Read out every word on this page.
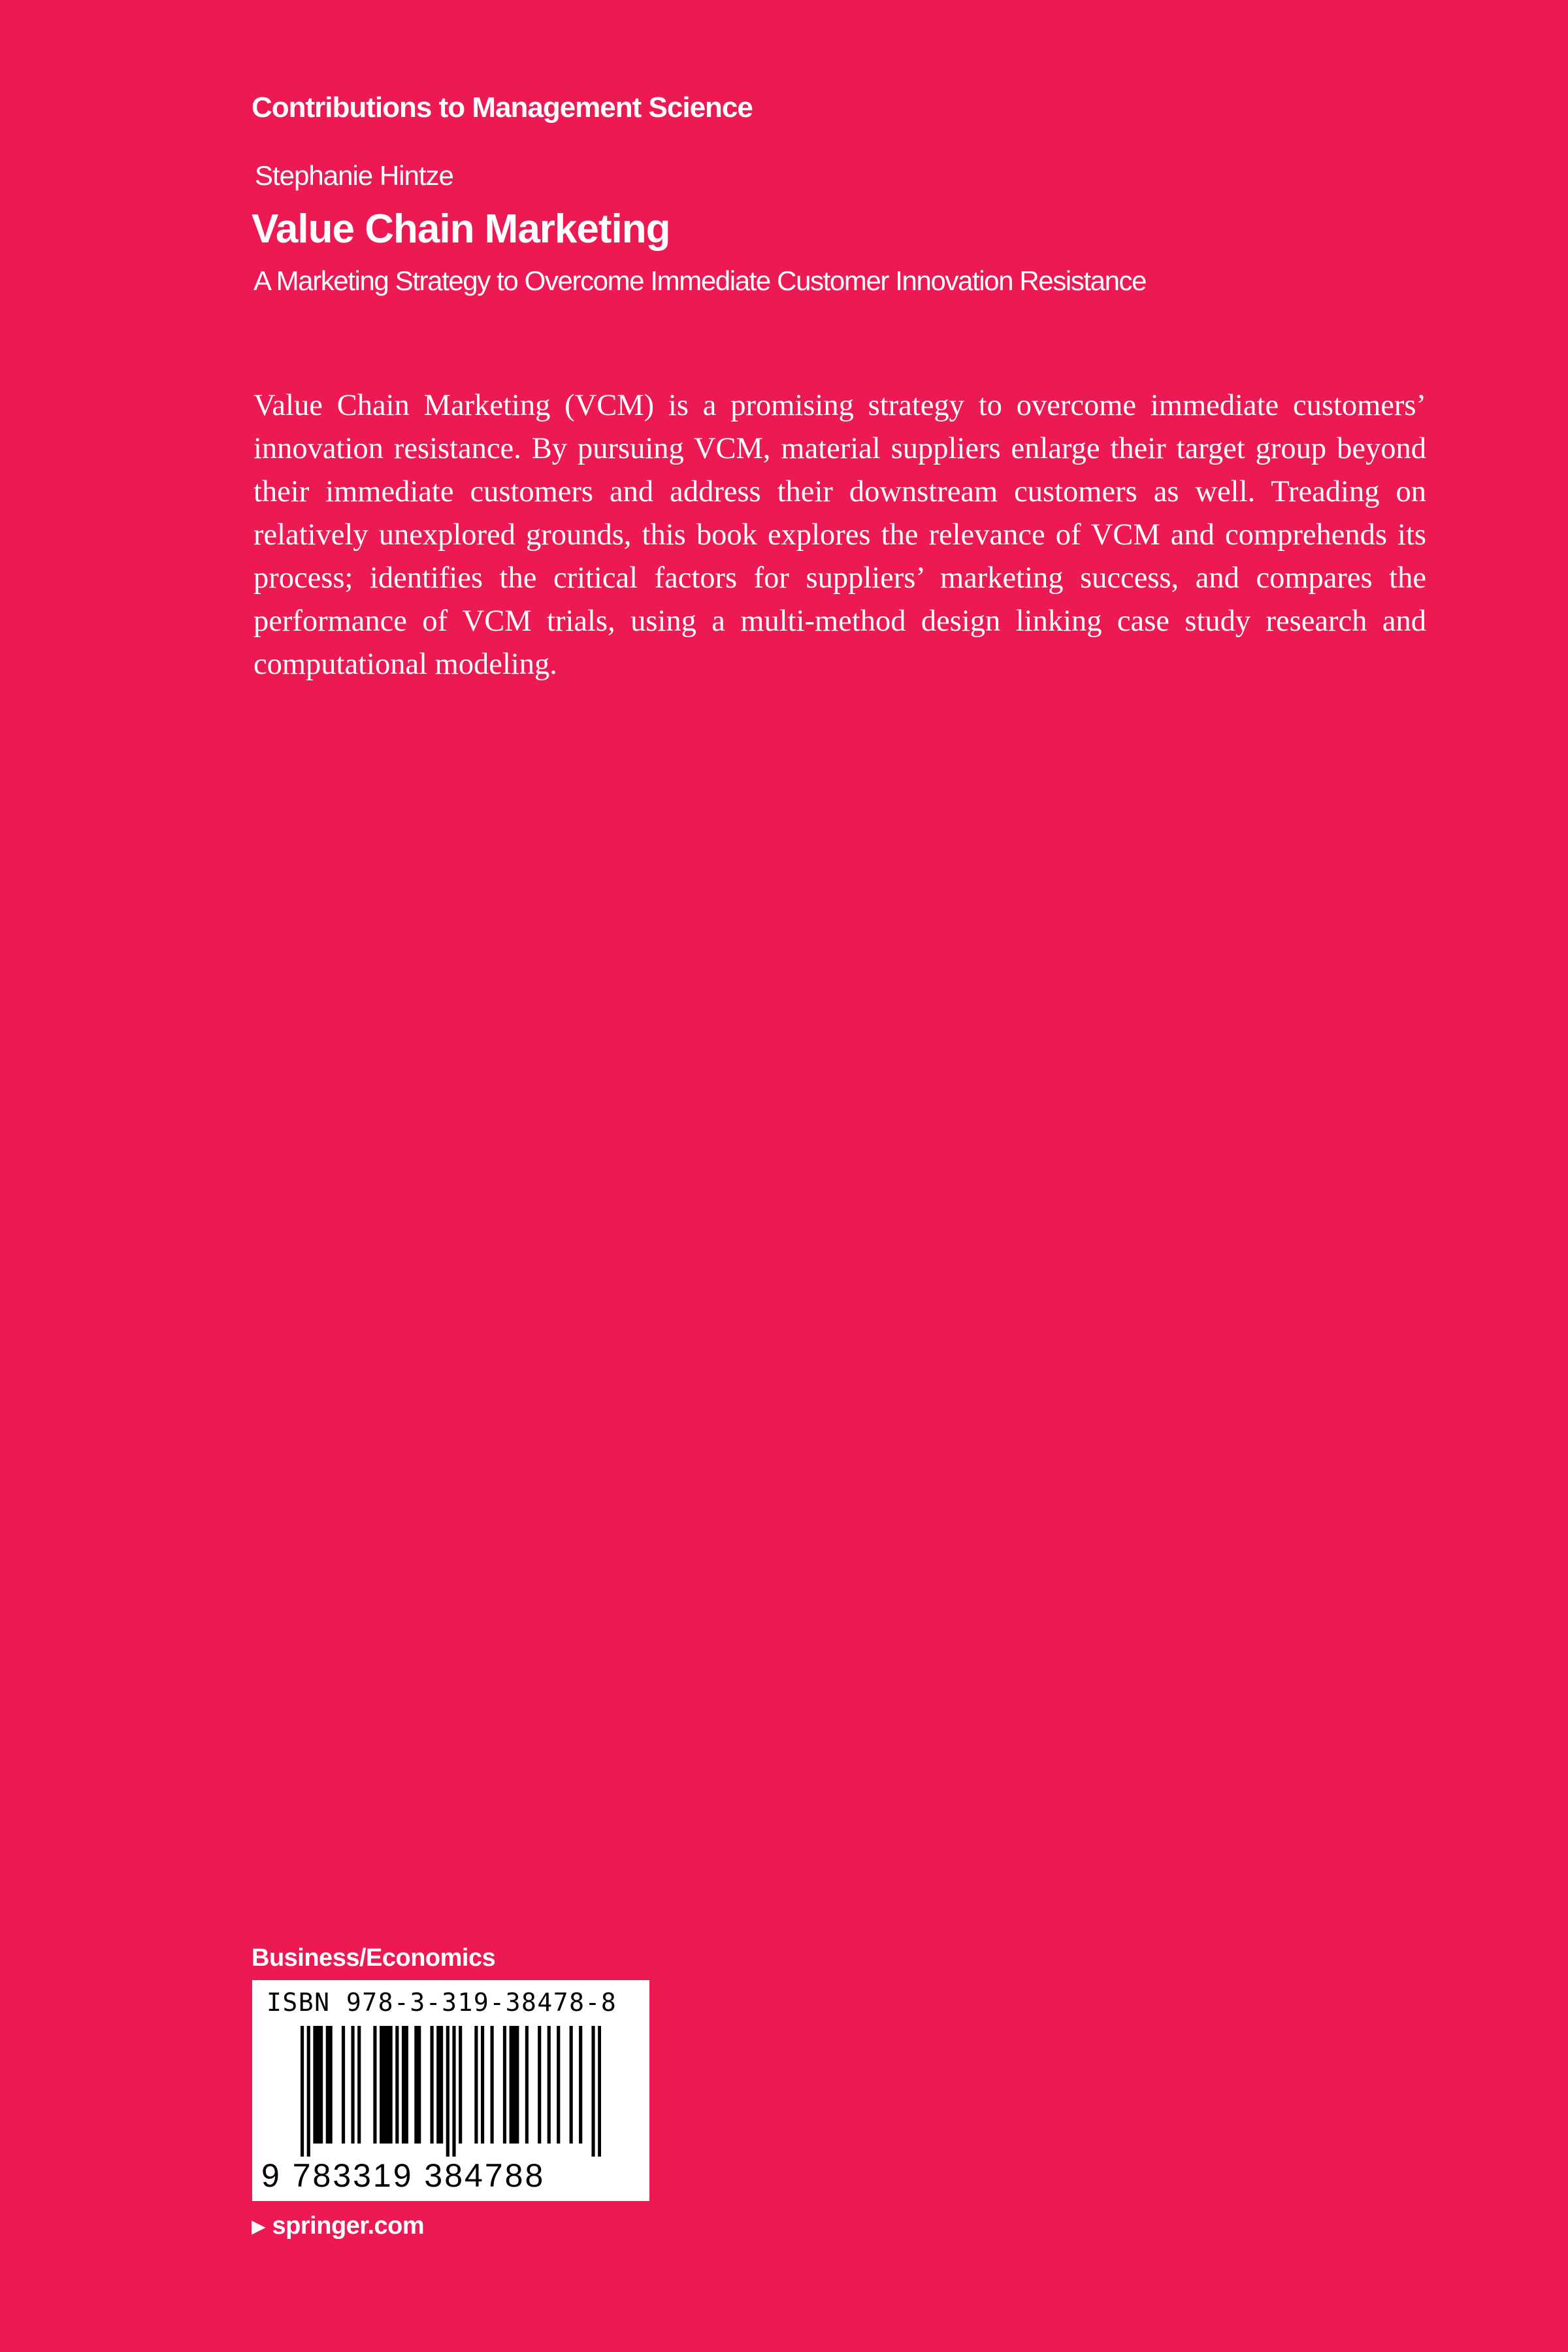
Contributions to Management Science
Stephanie Hintze
Value Chain Marketing
A Marketing Strategy to Overcome Immediate Customer Innovation Resistance

Value Chain Marketing (VCM) is a promising strategy to overcome immediate customers’ innovation resistance. By pursuing VCM, material suppliers enlarge their target group beyond their immediate customers and address their downstream customers as well. Treading on relatively unexplored grounds, this book explores the relevance of VCM and comprehends its process; identifies the critical factors for suppliers’ marketing success, and compares the performance of VCM trials, using a multi-method design linking case study research and computational modeling.

Business/Economics
ISBN 978-3-319-38478-8
9 783319 384788
▶ springer.com
